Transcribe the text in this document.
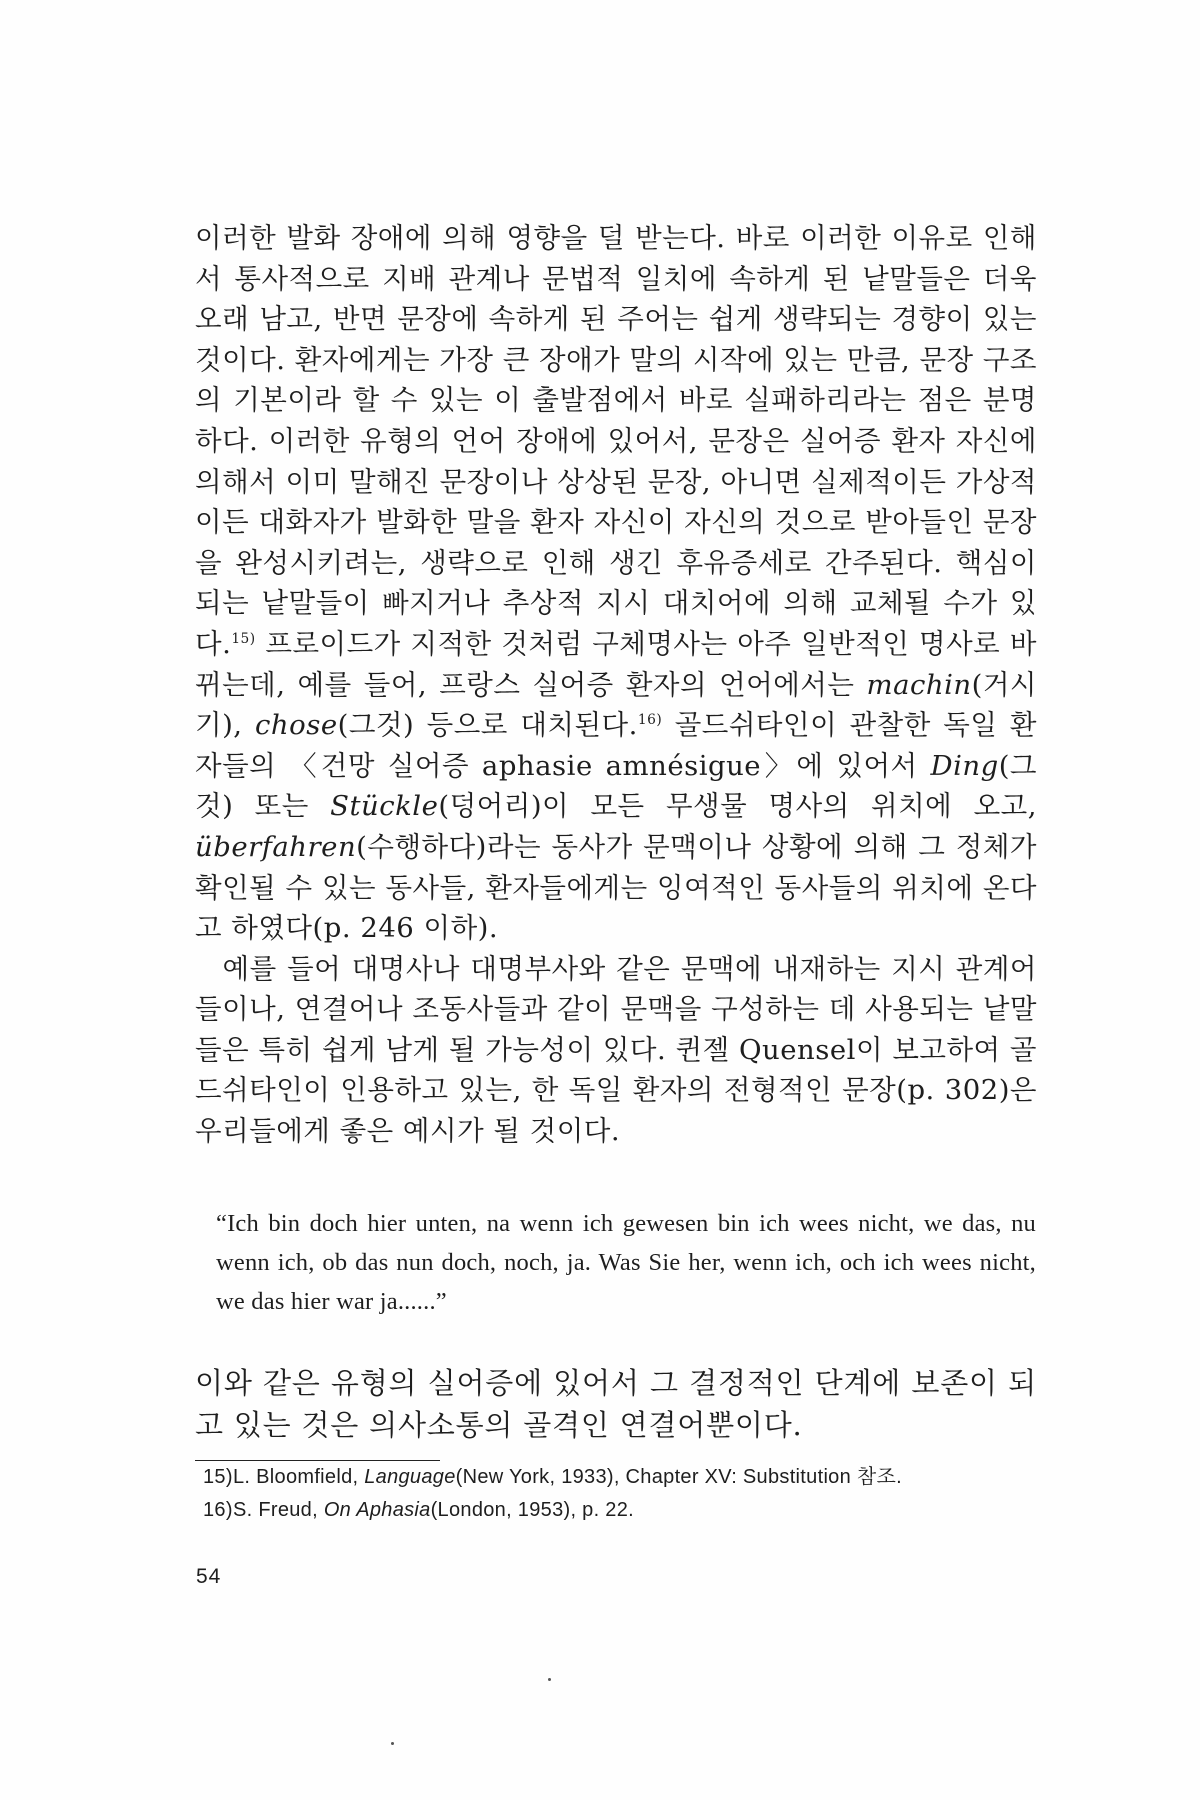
이러한 발화 장애에 의해 영향을 덜 받는다. 바로 이러한 이유로 인해서 통사적으로 지배 관계나 문법적 일치에 속하게 된 낱말들은 더욱 오래 남고, 반면 문장에 속하게 된 주어는 쉽게 생략되는 경향이 있는 것이다. 환자에게는 가장 큰 장애가 말의 시작에 있는 만큼, 문장 구조의 기본이라 할 수 있는 이 출발점에서 바로 실패하리라는 점은 분명하다. 이러한 유형의 언어 장애에 있어서, 문장은 실어증 환자 자신에 의해서 이미 말해진 문장이나 상상된 문장, 아니면 실제적이든 가상적이든 대화자가 발화한 말을 환자 자신이 자신의 것으로 받아들인 문장을 완성시키려는, 생략으로 인해 생긴 후유증세로 간주된다. 핵심이 되는 낱말들이 빠지거나 추상적 지시 대치어에 의해 교체될 수가 있다.$^{15)}$ 프로이드가 지적한 것처럼 구체명사는 아주 일반적인 명사로 바뀌는데, 예를 들어, 프랑스 실어증 환자의 언어에서는 machin(거시기), chose(그것) 등으로 대치된다.$^{16)}$ 골드쉬타인이 관찰한 독일 환자들의 〈건망 실어증 aphasie amnésigue〉에 있어서 Ding(그것) 또는 Stückle(덩어리)이 모든 무생물 명사의 위치에 오고, überfahren(수행하다)라는 동사가 문맥이나 상황에 의해 그 정체가 확인될 수 있는 동사들, 환자들에게는 잉여적인 동사들의 위치에 온다고 하였다(p. 246 이하).

예를 들어 대명사나 대명부사와 같은 문맥에 내재하는 지시 관계어들이나, 연결어나 조동사들과 같이 문맥을 구성하는 데 사용되는 낱말들은 특히 쉽게 남게 될 가능성이 있다. 퀸젤 Quensel이 보고하여 골드쉬타인이 인용하고 있는, 한 독일 환자의 전형적인 문장(p. 302)은 우리들에게 좋은 예시가 될 것이다.

“Ich bin doch hier unten, na wenn ich gewesen bin ich wees nicht, we das, nu wenn ich, ob das nun doch, noch, ja. Was Sie her, wenn ich, och ich wees nicht, we das hier war ja......”
이와 같은 유형의 실어증에 있어서 그 결정적인 단계에 보존이 되고 있는 것은 의사소통의 골격인 연결어뿐이다.
15)L. Bloomfield, Language(New York, 1933), Chapter XV: Substitution 참조.
16)S. Freud, On Aphasia(London, 1953), p. 22.
54
